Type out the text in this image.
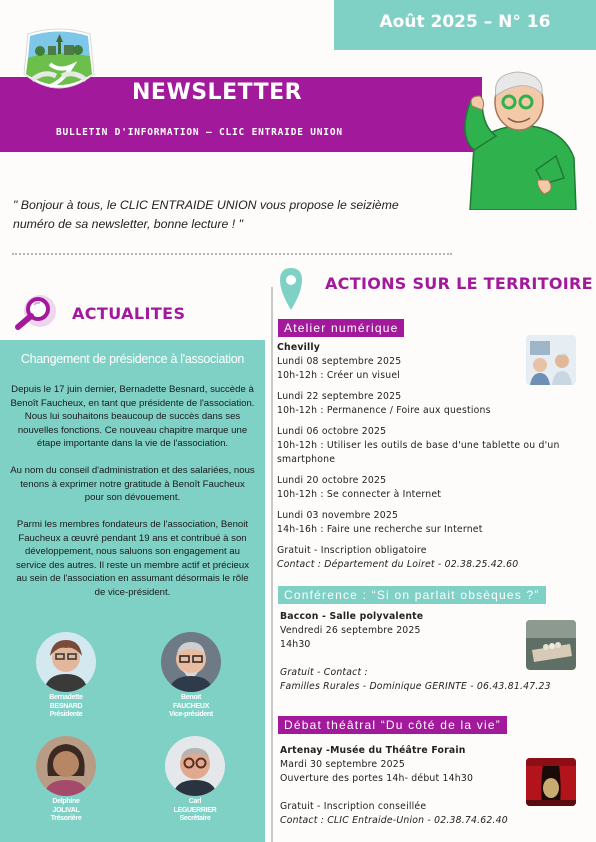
Août 2025 – N° 16
NEWSLETTER
BULLETIN D'INFORMATION – CLIC ENTRAIDE UNION
" Bonjour à tous, le CLIC ENTRAIDE UNION vous propose le seizième numéro de sa newsletter, bonne lecture ! "
ACTUALITES
Changement de présidence à l'association

Depuis le 17 juin dernier, Bernadette Besnard, succède à Benoît Faucheux, en tant que présidente de l'association. Nous lui souhaitons beaucoup de succès dans ses nouvelles fonctions. Ce nouveau chapitre marque une étape importante dans la vie de l'association.

Au nom du conseil d'administration et des salariées, nous tenons à exprimer notre gratitude à Benoît Faucheux pour son dévouement.

Parmi les membres fondateurs de l'association, Benoit Faucheux a œuvré pendant 19 ans et contribué à son développement, nous saluons son engagement au service des autres. Il reste un membre actif et précieux au sein de l'association en assumant désormais le rôle de vice-président.

Bernadette
BESNARD
Présidente
Benoit
FAUCHEUX
Vice-président
Delphine
JOLIVAL
Trésorière
Carl
LEGUERRIER
Secrétaire
ACTIONS SUR LE TERRITOIRE
Atelier numérique
Chevilly
Lundi 08 septembre 2025
10h-12h : Créer un visuel
Lundi 22 septembre 2025
10h-12h : Permanence / Foire aux questions
Lundi 06 octobre 2025
10h-12h : Utiliser les outils de base d'une tablette ou d'un smartphone
Lundi 20 octobre 2025
10h-12h : Se connecter à Internet
Lundi 03 novembre 2025
14h-16h : Faire une recherche sur Internet
Gratuit - Inscription obligatoire
Contact : Département du Loiret - 02.38.25.42.60
Conférence : “Si on parlait obsèques ?”
Baccon - Salle polyvalente
Vendredi 26 septembre 2025
14h30
Gratuit - Contact :
Familles Rurales - Dominique GERINTE - 06.43.81.47.23
Débat théâtral “Du côté de la vie”
Artenay -Musée du Théâtre Forain
Mardi 30 septembre 2025
Ouverture des portes 14h- début 14h30
Gratuit - Inscription conseillée
Contact : CLIC Entraide-Union - 02.38.74.62.40
